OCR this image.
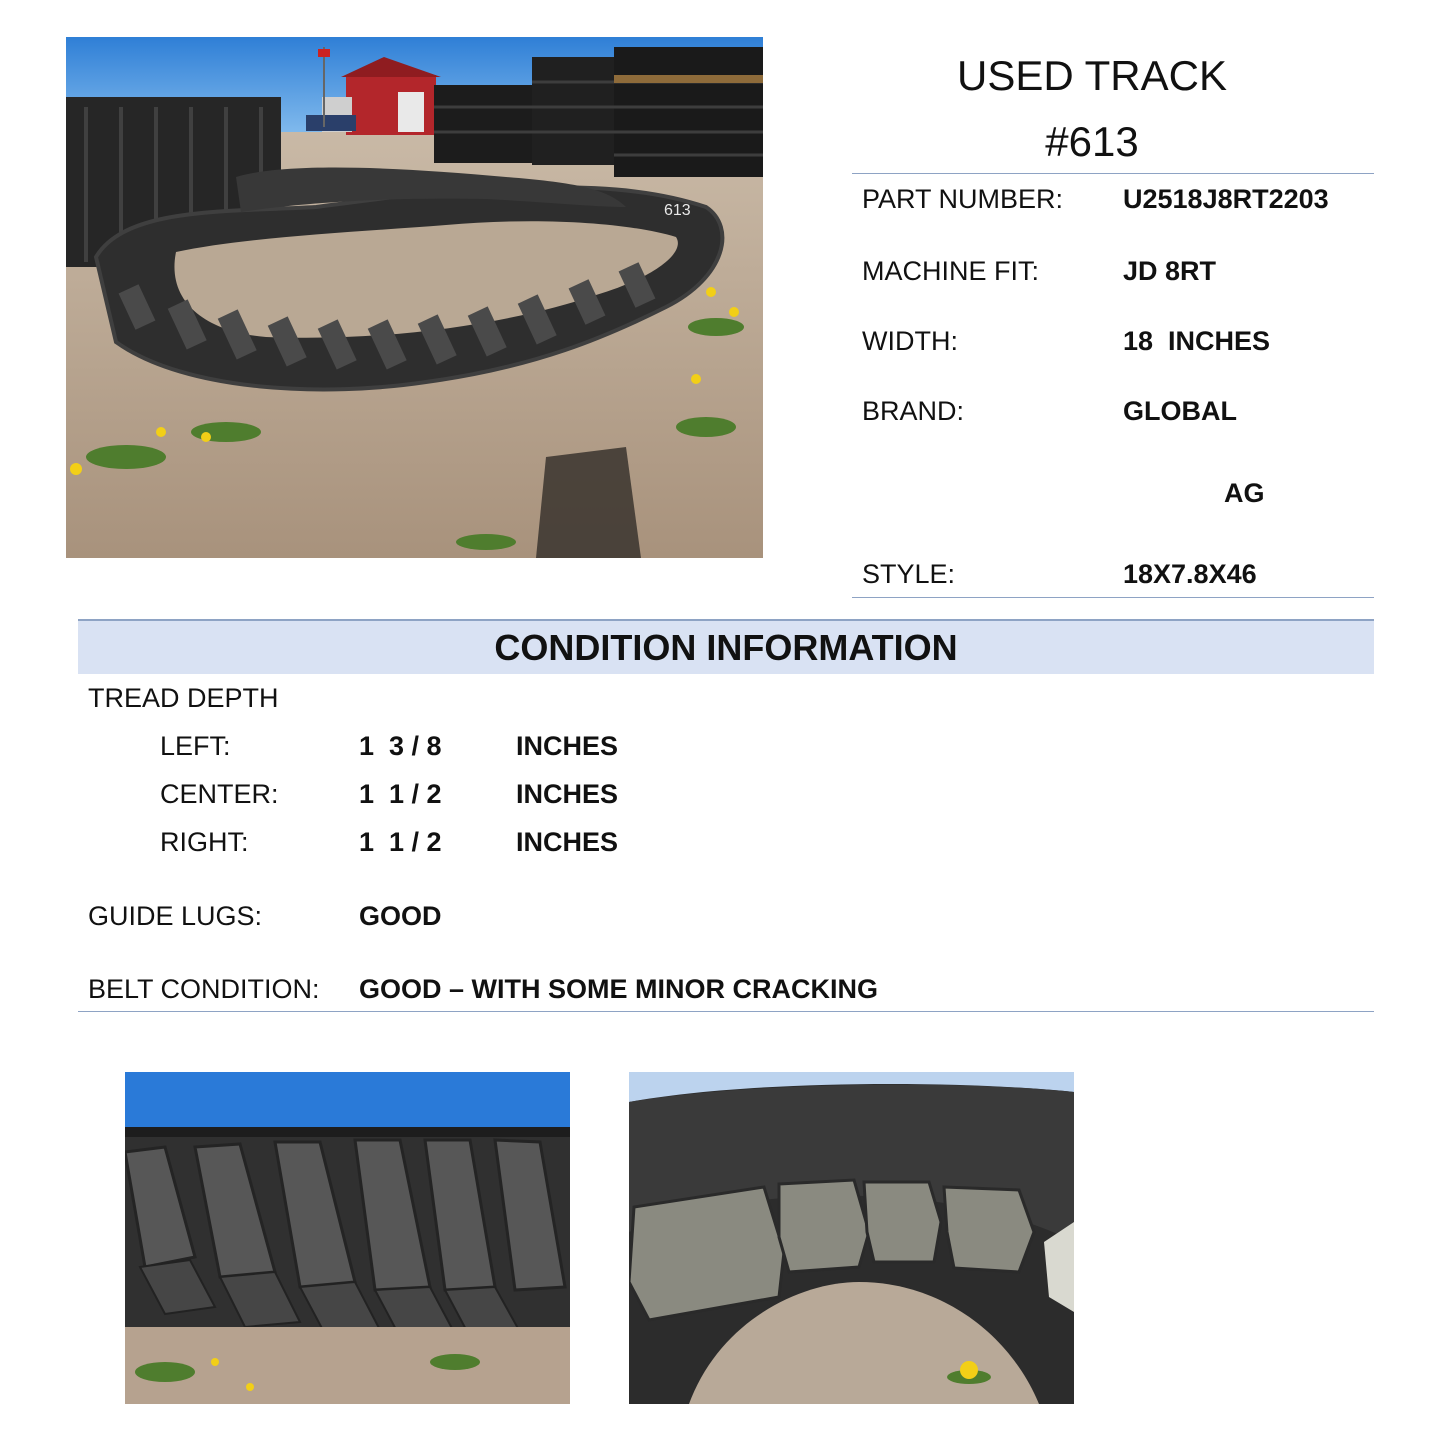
613
USED TRACK
#613
PART NUMBER: U2518J8RT2203
MACHINE FIT:	JD 8RT
WIDTH:	18  INCHES
BRAND:	GLOBAL
AG
STYLE:	18X7.8X46
CONDITION INFORMATION
TREAD DEPTH
LEFT:	1  3 / 8	INCHES
CENTER:	1  1 / 2	INCHES
RIGHT:	1  1 / 2	INCHES
GUIDE LUGS:	GOOD
BELT CONDITION: GOOD – WITH SOME MINOR CRACKING
